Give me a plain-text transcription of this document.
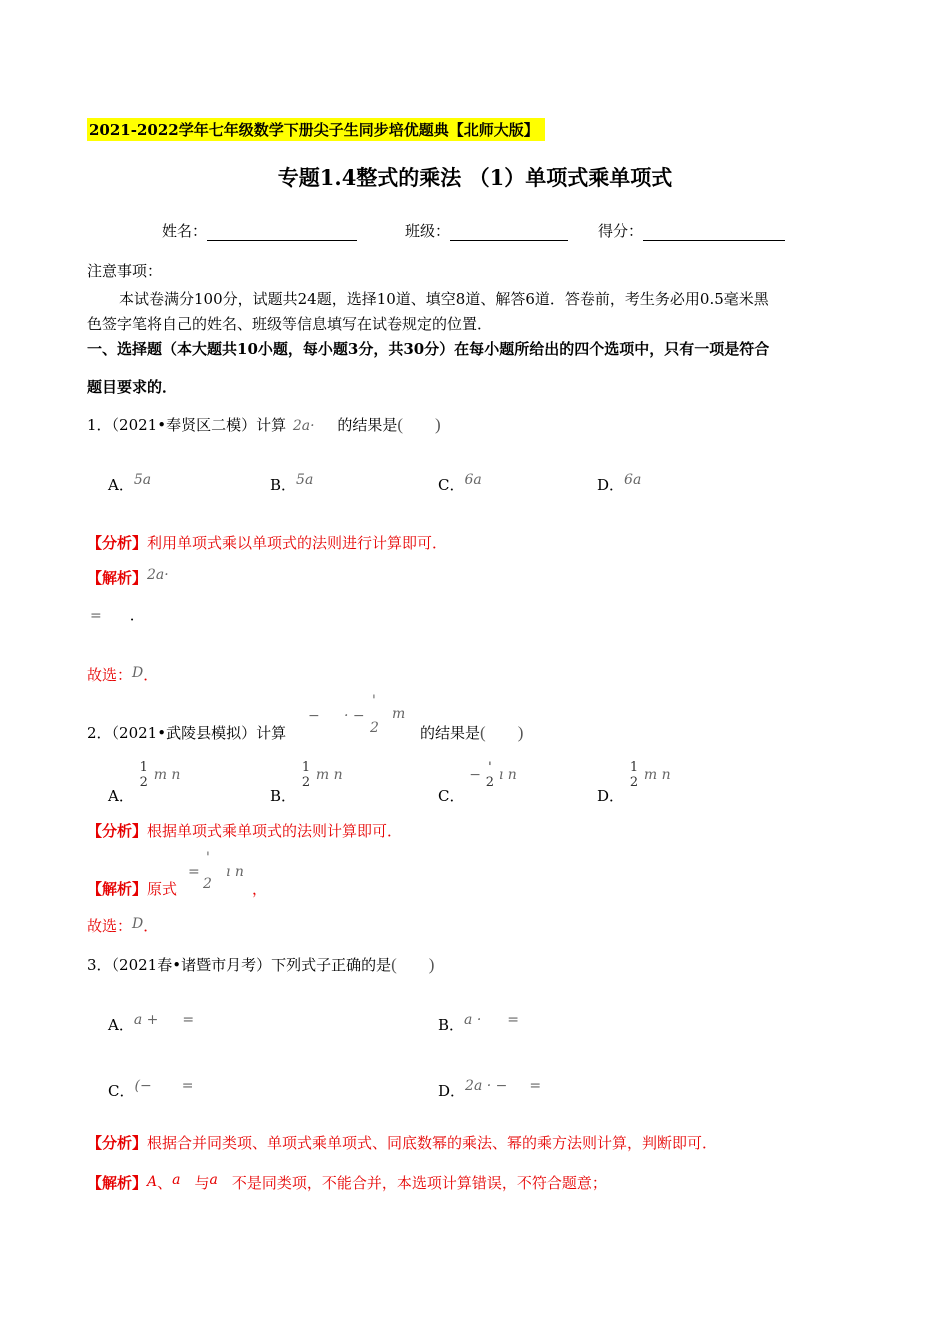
2021-2022学年七年级数学下册尖子生同步培优题典【北师大版】
专题1.4整式的乘法 （1）单项式乘单项式
姓名：	班级：	得分：
注意事项：
本试卷满分100分，试题共24题，选择10道、填空8道、解答6道．答卷前，考生务必用0.5毫米黑
色签字笔将自己的姓名、班级等信息填写在试卷规定的位置．
一、选择题（本大题共10小题，每小题3分，共30分）在每小题所给出的四个选项中，只有一项是符合
题目要求的．
1．（2021•奉贤区二模）计算 2a· 的结果是( )
A．5a	B．5a	C．6a	D．6a
【分析】利用单项式乘以单项式的法则进行计算即可．
【解析】2a·
= ．
故选：D．
2．（2021•武陵县模拟）计算
− · −
'
2
m
的结果是( )
A．
1
2 m n
B．
1
2 m n
C． − '
2 ı n
D．
1
2 m n
【分析】根据单项式乘单项式的法则计算即可．
【解析】原式
=
'
2
ı n
，
故选：D．
3．（2021春•诸暨市月考）下列式子正确的是( )
A．a + =	B．a · =
C．(− =	D．2a · − =
【分析】根据合并同类项、单项式乘单项式、同底数幂的乘法、幂的乘方法则计算，判断即可．
【解析】A、a 与a 不是同类项，不能合并，本选项计算错误，不符合题意；
